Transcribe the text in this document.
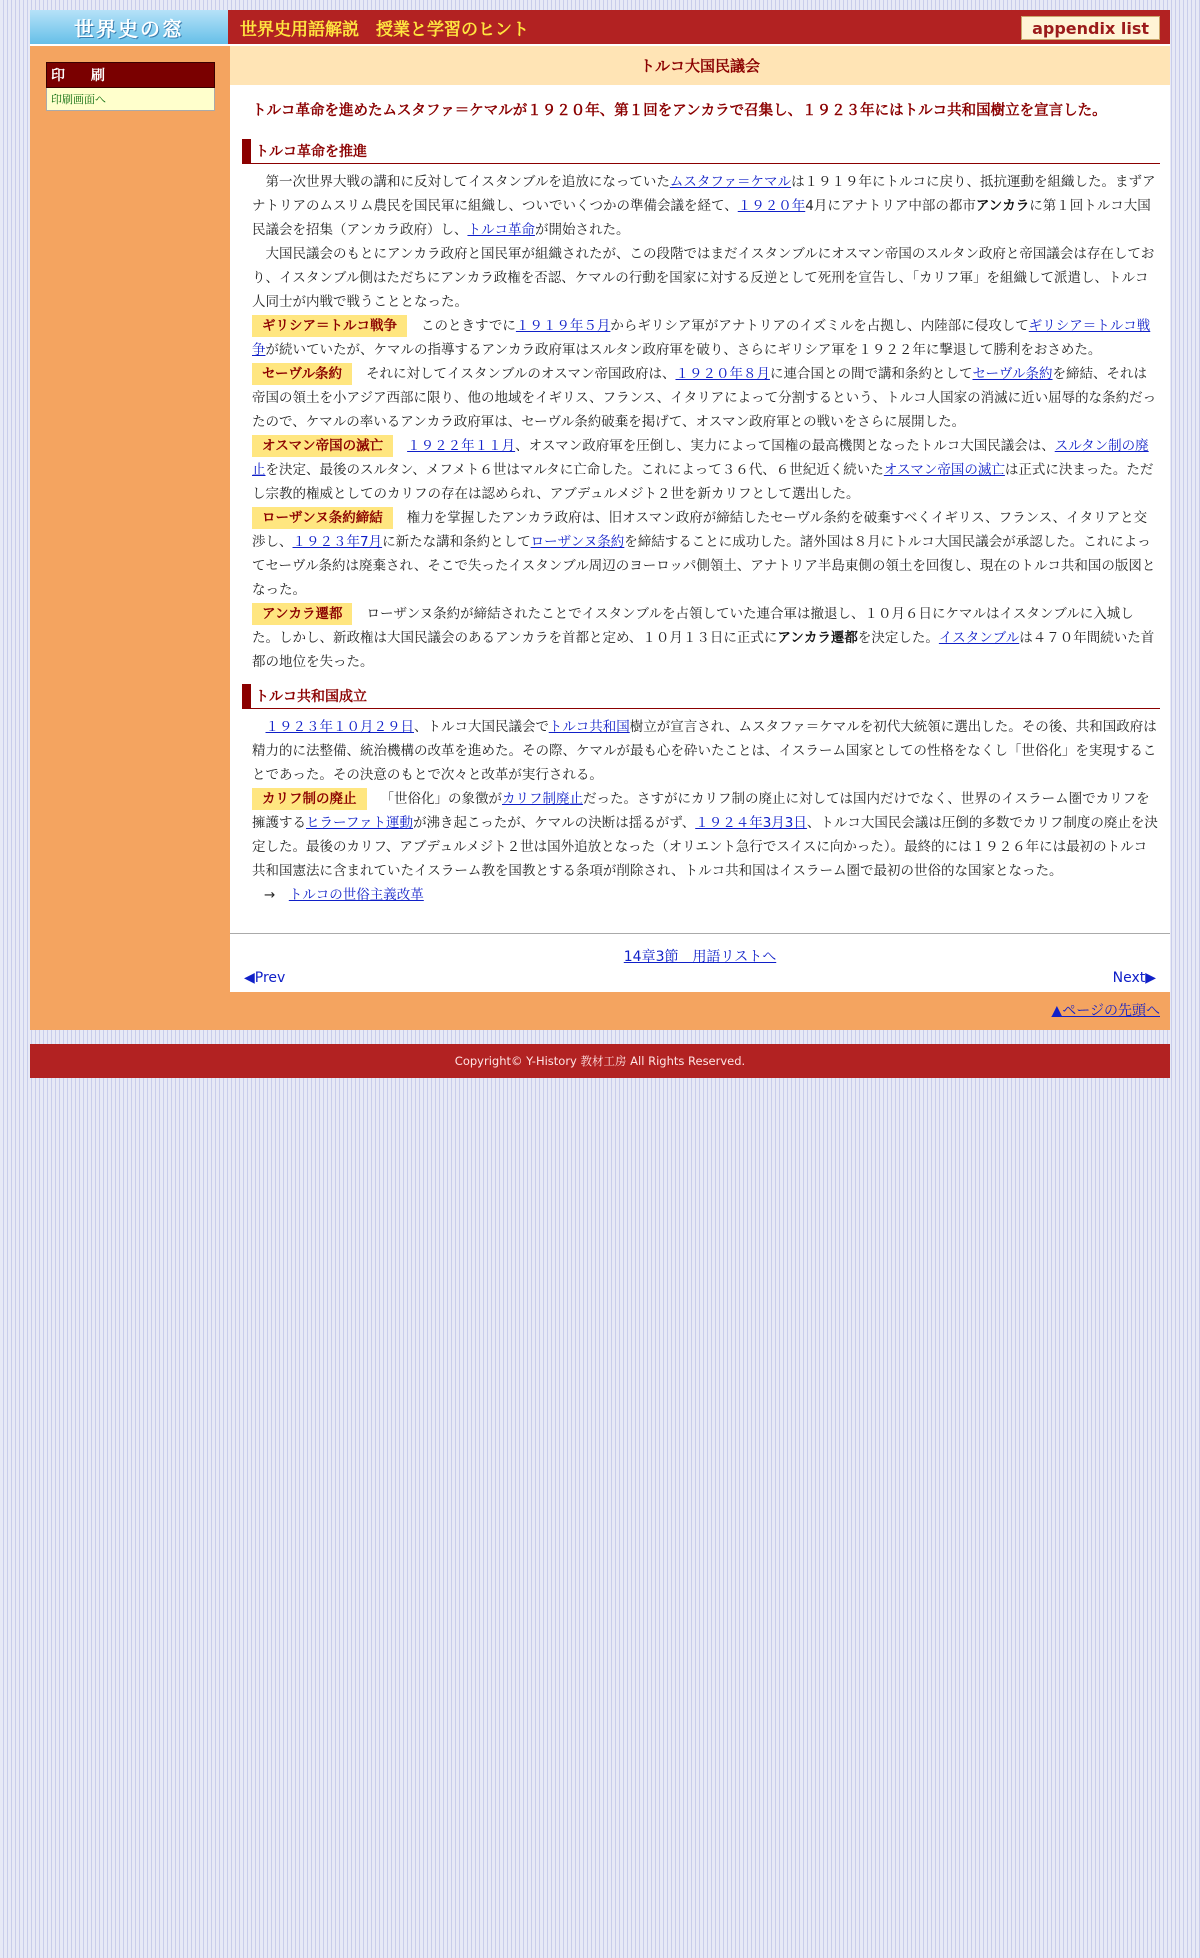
世界史の窓	世界史用語解説　授業と学習のヒント	appendix list
印　刷
印刷画面へ
トルコ大国民議会
トルコ革命を進めたムスタファ＝ケマルが１９２０年、第１回をアンカラで召集し、１９２３年にはトルコ共和国樹立を宣言した。
トルコ革命を推進

第一次世界大戦の講和に反対してイスタンブルを追放になっていたムスタファ＝ケマルは１９１９年にトルコに戻り、抵抗運動を組織した。まずアナトリアのムスリム農民を国民軍に組織し、ついでいくつかの準備会議を経て、１９２０年4月にアナトリア中部の都市アンカラに第１回トルコ大国民議会を招集（アンカラ政府）し、トルコ革命が開始された。

大国民議会のもとにアンカラ政府と国民軍が組織されたが、この段階ではまだイスタンブルにオスマン帝国のスルタン政府と帝国議会は存在しており、イスタンブル側はただちにアンカラ政権を否認、ケマルの行動を国家に対する反逆として死刑を宣告し、「カリフ軍」を組織して派遣し、トルコ人同士が内戦で戦うこととなった。

ギリシア＝トルコ戦争 このときすでに１９１９年５月からギリシア軍がアナトリアのイズミルを占拠し、内陸部に侵攻してギリシア＝トルコ戦争が続いていたが、ケマルの指導するアンカラ政府軍はスルタン政府軍を破り、さらにギリシア軍を１９２２年に撃退して勝利をおさめた。

セーヴル条約 それに対してイスタンブルのオスマン帝国政府は、１９２０年８月に連合国との間で講和条約としてセーヴル条約を締結、それは帝国の領土を小アジア西部に限り、他の地域をイギリス、フランス、イタリアによって分割するという、トルコ人国家の消滅に近い屈辱的な条約だったので、ケマルの率いるアンカラ政府軍は、セーヴル条約破棄を掲げて、オスマン政府軍との戦いをさらに展開した。

オスマン帝国の滅亡 １９２２年１１月、オスマン政府軍を圧倒し、実力によって国権の最高機関となったトルコ大国民議会は、スルタン制の廃止を決定、最後のスルタン、メフメト６世はマルタに亡命した。これによって３６代、６世紀近く続いたオスマン帝国の滅亡は正式に決まった。ただし宗教的権威としてのカリフの存在は認められ、アブデュルメジト２世を新カリフとして選出した。

ローザンヌ条約締結 権力を掌握したアンカラ政府は、旧オスマン政府が締結したセーヴル条約を破棄すべくイギリス、フランス、イタリアと交渉し、１９２３年7月に新たな講和条約としてローザンヌ条約を締結することに成功した。諸外国は８月にトルコ大国民議会が承認した。これによってセーヴル条約は廃棄され、そこで失ったイスタンブル周辺のヨーロッパ側領土、アナトリア半島東側の領土を回復し、現在のトルコ共和国の版図となった。

アンカラ遷都 ローザンヌ条約が締結されたことでイスタンブルを占領していた連合軍は撤退し、１０月６日にケマルはイスタンブルに入城した。しかし、新政権は大国民議会のあるアンカラを首都と定め、１０月１３日に正式にアンカラ遷都を決定した。イスタンブルは４７０年間続いた首都の地位を失った。

トルコ共和国成立

１９２３年１０月２９日、トルコ大国民議会でトルコ共和国樹立が宣言され、ムスタファ＝ケマルを初代大統領に選出した。その後、共和国政府は精力的に法整備、統治機構の改革を進めた。その際、ケマルが最も心を砕いたことは、イスラーム国家としての性格をなくし「世俗化」を実現することであった。その決意のもとで次々と改革が実行される。

カリフ制の廃止 「世俗化」の象徴がカリフ制廃止だった。さすがにカリフ制の廃止に対しては国内だけでなく、世界のイスラーム圏でカリフを擁護するヒラーファト運動が沸き起こったが、ケマルの決断は揺るがず、１９２４年3月3日、トルコ大国民会議は圧倒的多数でカリフ制度の廃止を決定した。最後のカリフ、アブデュルメジト２世は国外追放となった（オリエント急行でスイスに向かった）。最終的には１９２６年には最初のトルコ共和国憲法に含まれていたイスラーム教を国教とする条項が削除され、トルコ共和国はイスラーム圏で最初の世俗的な国家となった。

→　 トルコの世俗主義改革

14章3節　用語リストへ
◀Prev	Next▶
▲ページの先頭へ
Copyright© Y-History 教材工房 All Rights Reserved.
